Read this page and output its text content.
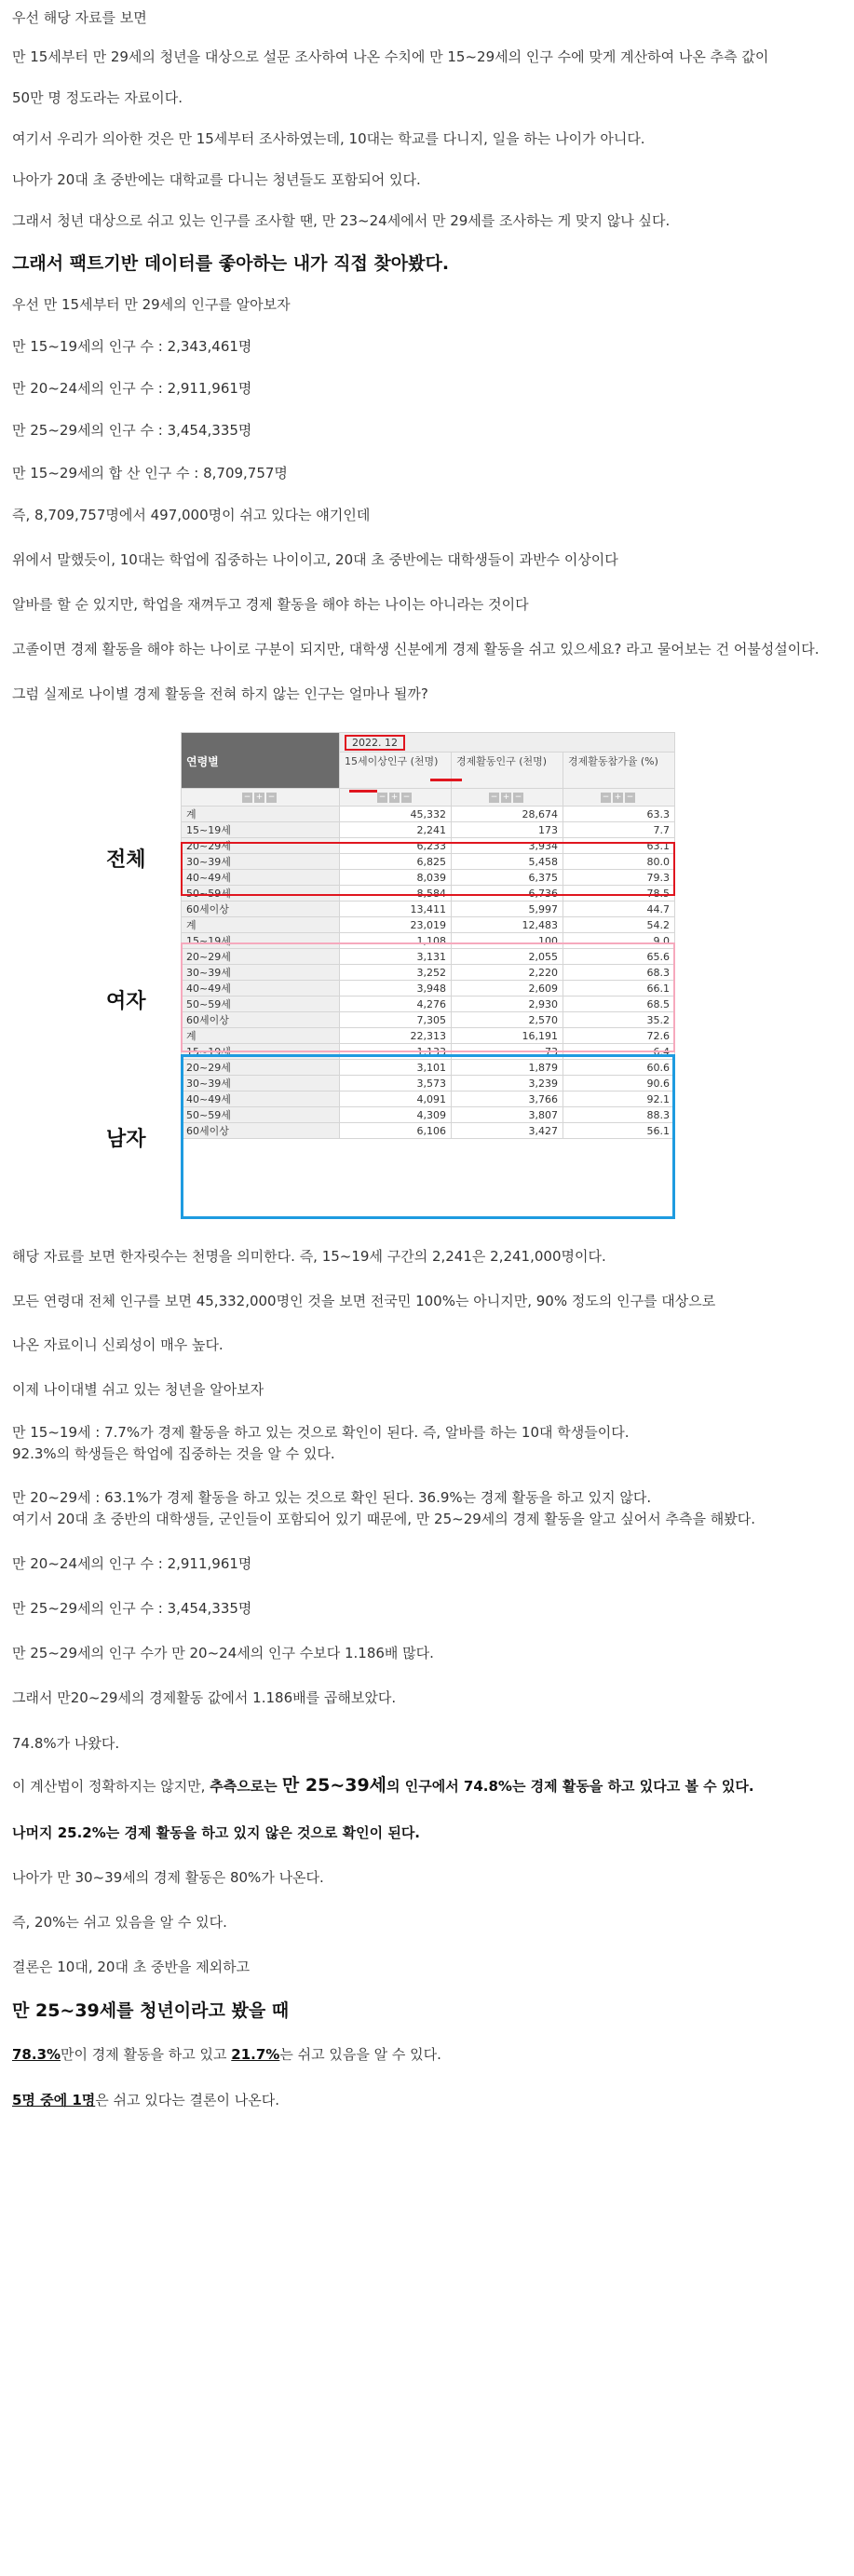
우선 해당 자료를 보면

만 15세부터 만 29세의 청년을 대상으로 설문 조사하여 나온 수치에 만 15~29세의 인구 수에 맞게 계산하여 나온 추측 값이

50만 명 정도라는 자료이다.

여기서 우리가 의아한 것은 만 15세부터 조사하였는데, 10대는 학교를 다니지, 일을 하는 나이가 아니다.

나아가 20대 초 중반에는 대학교를 다니는 청년들도 포함되어 있다.

그래서 청년 대상으로 쉬고 있는 인구를 조사할 땐, 만 23~24세에서 만 29세를 조사하는 게 맞지 않나 싶다.

그래서 팩트기반 데이터를 좋아하는 내가 직접 찾아봤다.

우선 만 15세부터 만 29세의 인구를 알아보자

만 15~19세의 인구 수 : 2,343,461명

만 20~24세의 인구 수 : 2,911,961명

만 25~29세의 인구 수 : 3,454,335명

만 15~29세의 합 산 인구 수 : 8,709,757명

즉, 8,709,757명에서 497,000명이 쉬고 있다는 얘기인데

위에서 말했듯이, 10대는 학업에 집중하는 나이이고, 20대 초 중반에는 대학생들이 과반수 이상이다

알바를 할 순 있지만, 학업을 재껴두고 경제 활동을 해야 하는 나이는 아니라는 것이다

고졸이면 경제 활동을 해야 하는 나이로 구분이 되지만, 대학생 신분에게 경제 활동을 쉬고 있으세요? 라고 물어보는 건 어불성설이다.

그럼 실제로 나이별 경제 활동을 전혀 하지 않는 인구는 얼마나 될까?

전체
여자
남자
연령별	2022. 12		
	15세이상인구 (천명)	경제활동인구 (천명)	경제활동참가율 (%)
− + −	− + −	− + −	− + −
계	45,332	28,674	63.3
15~19세	2,241	173	7.7
20~29세	6,233	3,934	63.1
30~39세	6,825	5,458	80.0
40~49세	8,039	6,375	79.3
50~59세	8,584	6,736	78.5
60세이상	13,411	5,997	44.7
계	23,019	12,483	54.2
15~19세	1,108	100	9.0
20~29세	3,131	2,055	65.6
30~39세	3,252	2,220	68.3
40~49세	3,948	2,609	66.1
50~59세	4,276	2,930	68.5
60세이상	7,305	2,570	35.2
계	22,313	16,191	72.6
15~19세	1,133	73	6.4
20~29세	3,101	1,879	60.6
30~39세	3,573	3,239	90.6
40~49세	4,091	3,766	92.1
50~59세	4,309	3,807	88.3
60세이상	6,106	3,427	56.1

해당 자료를 보면 한자릿수는 천명을 의미한다. 즉, 15~19세 구간의 2,241은 2,241,000명이다.

모든 연령대 전체 인구를 보면 45,332,000명인 것을 보면 전국민 100%는 아니지만, 90% 정도의 인구를 대상으로

나온 자료이니 신뢰성이 매우 높다.

이제 나이대별 쉬고 있는 청년을 알아보자

만 15~19세 : 7.7%가 경제 활동을 하고 있는 것으로 확인이 된다. 즉, 알바를 하는 10대 학생들이다.

92.3%의 학생들은 학업에 집중하는 것을 알 수 있다.

만 20~29세 : 63.1%가 경제 활동을 하고 있는 것으로 확인 된다. 36.9%는 경제 활동을 하고 있지 않다.

여기서 20대 초 중반의 대학생들, 군인들이 포함되어 있기 때문에, 만 25~29세의 경제 활동을 알고 싶어서 추측을 해봤다.

만 20~24세의 인구 수 : 2,911,961명

만 25~29세의 인구 수 : 3,454,335명

만 25~29세의 인구 수가 만 20~24세의 인구 수보다 1.186배 많다.

그래서 만20~29세의 경제활동 값에서 1.186배를 곱해보았다.

74.8%가 나왔다.

이 계산법이 정확하지는 않지만, 추측으로는 만 25~39세의 인구에서 74.8%는 경제 활동을 하고 있다고 볼 수 있다.

나머지 25.2%는 경제 활동을 하고 있지 않은 것으로 확인이 된다.

나아가 만 30~39세의 경제 활동은 80%가 나온다.

즉, 20%는 쉬고 있음을 알 수 있다.

결론은 10대, 20대 초 중반을 제외하고

만 25~39세를 청년이라고 봤을 때

78.3%만이 경제 활동을 하고 있고 21.7%는 쉬고 있음을 알 수 있다.

5명 중에 1명은 쉬고 있다는 결론이 나온다.
